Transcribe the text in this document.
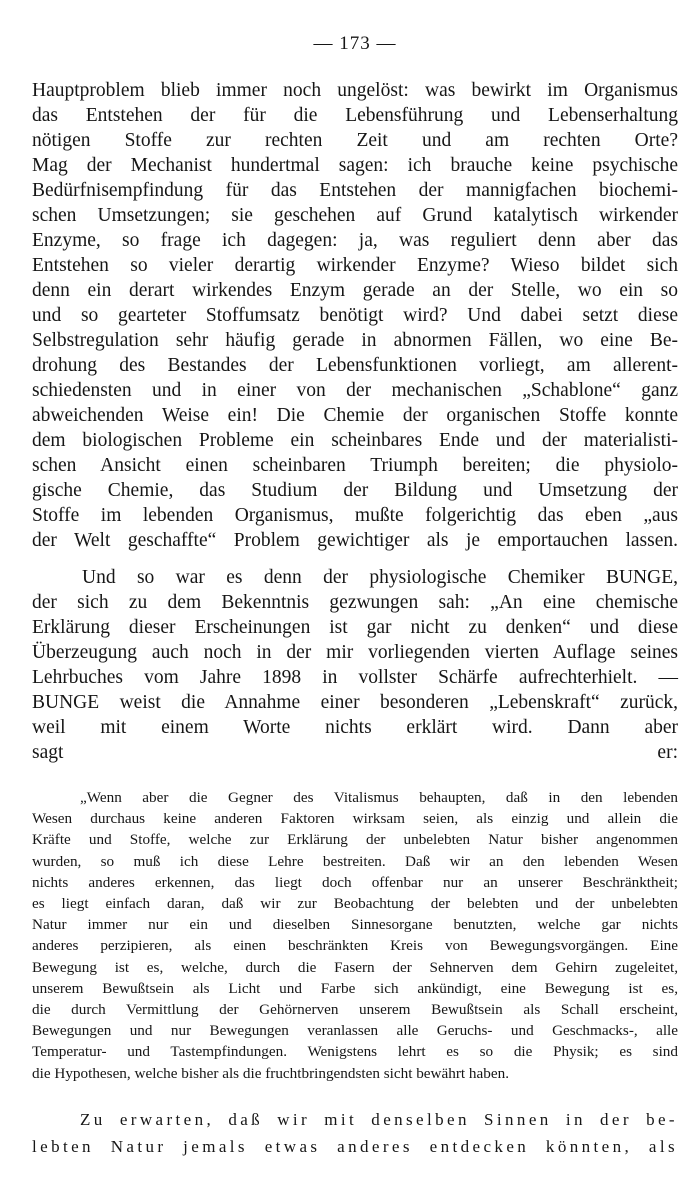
— 173 —
Hauptproblem blieb immer noch ungelöst: was bewirkt im Organismus
das Entstehen der für die Lebensführung und Lebenserhaltung
nötigen Stoffe zur rechten Zeit und am rechten Orte?
Mag der Mechanist hundertmal sagen: ich brauche keine psychische
Bedürfnisempfindung für das Entstehen der mannigfachen biochemi-
schen Umsetzungen; sie geschehen auf Grund katalytisch wirkender
Enzyme, so frage ich dagegen: ja, was reguliert denn aber das
Entstehen so vieler derartig wirkender Enzyme? Wieso bildet sich
denn ein derart wirkendes Enzym gerade an der Stelle, wo ein so
und so gearteter Stoffumsatz benötigt wird? Und dabei setzt diese
Selbstregulation sehr häufig gerade in abnormen Fällen, wo eine Be-
drohung des Bestandes der Lebensfunktionen vorliegt, am allerent-
schiedensten und in einer von der mechanischen „Schablone“ ganz
abweichenden Weise ein! Die Chemie der organischen Stoffe konnte
dem biologischen Probleme ein scheinbares Ende und der materialisti-
schen Ansicht einen scheinbaren Triumph bereiten; die physiolo-
gische Chemie, das Studium der Bildung und Umsetzung der
Stoffe im lebenden Organismus, mußte folgerichtig das eben „aus
der Welt geschaffte“ Problem gewichtiger als je emportauchen lassen.
Und so war es denn der physiologische Chemiker BUNGE,
der sich zu dem Bekenntnis gezwungen sah: „An eine chemische
Erklärung dieser Erscheinungen ist gar nicht zu denken“ und diese
Überzeugung auch noch in der mir vorliegenden vierten Auflage seines
Lehrbuches vom Jahre 1898 in vollster Schärfe aufrechterhielt. —
BUNGE weist die Annahme einer besonderen „Lebenskraft“ zurück,
weil mit einem Worte nichts erklärt wird. Dann aber
sagt er:
„Wenn aber die Gegner des Vitalismus behaupten, daß in den lebenden
Wesen durchaus keine anderen Faktoren wirksam seien, als einzig und allein die
Kräfte und Stoffe, welche zur Erklärung der unbelebten Natur bisher angenommen
wurden, so muß ich diese Lehre bestreiten. Daß wir an den lebenden Wesen
nichts anderes erkennen, das liegt doch offenbar nur an unserer Beschränktheit;
es liegt einfach daran, daß wir zur Beobachtung der belebten und der unbelebten
Natur immer nur ein und dieselben Sinnesorgane benutzten, welche gar nichts
anderes perzipieren, als einen beschränkten Kreis von Bewegungsvorgängen. Eine
Bewegung ist es, welche, durch die Fasern der Sehnerven dem Gehirn zugeleitet,
unserem Bewußtsein als Licht und Farbe sich ankündigt, eine Bewegung ist es,
die durch Vermittlung der Gehörnerven unserem Bewußtsein als Schall erscheint,
Bewegungen und nur Bewegungen veranlassen alle Geruchs- und Geschmacks-, alle
Temperatur- und Tastempfindungen. Wenigstens lehrt es so die Physik; es sind
die Hypothesen, welche bisher als die fruchtbringendsten sicht bewährt haben.
Zu erwarten, daß wir mit denselben Sinnen in der be-
lebten Natur jemals etwas anderes entdecken könnten, als
